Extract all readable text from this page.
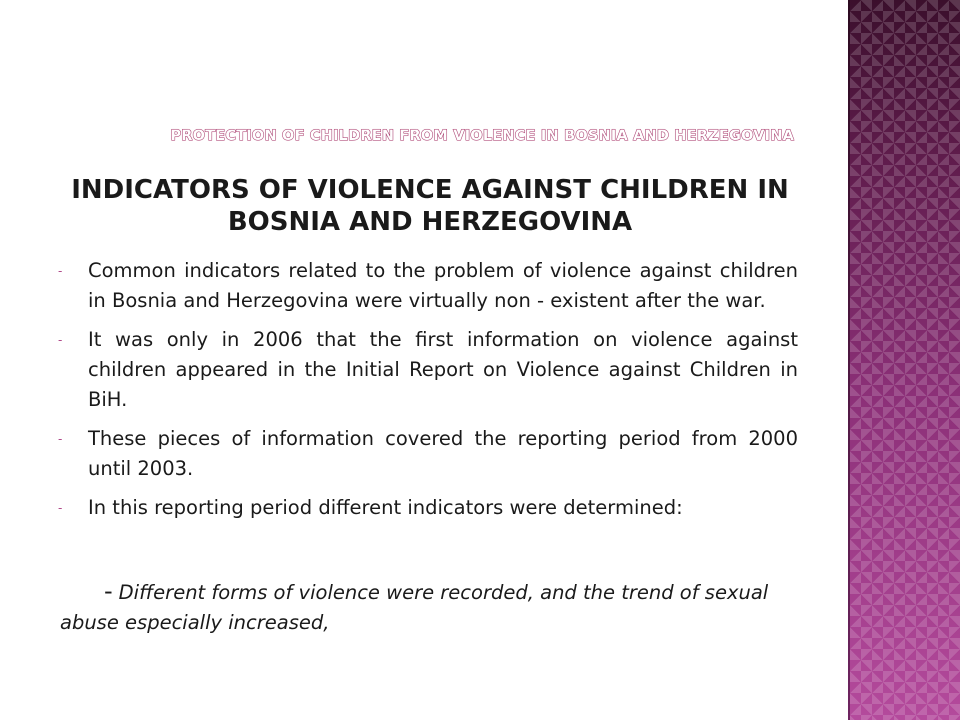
PROTECTION OF CHILDREN FROM VIOLENCE IN BOSNIA AND HERZEGOVINA
INDICATORS OF VIOLENCE AGAINST CHILDREN IN BOSNIA AND HERZEGOVINA
- Common indicators related to the problem of violence against children in Bosnia and Herzegovina were virtually non - existent after the war.
- It was only in 2006 that the first information on violence against children appeared in the Initial Report on Violence against Children in BiH.
- These pieces of information covered the reporting period from 2000 until 2003.
- In this reporting period different indicators were determined:
- Different forms of violence were recorded, and the trend of sexual abuse especially increased,
